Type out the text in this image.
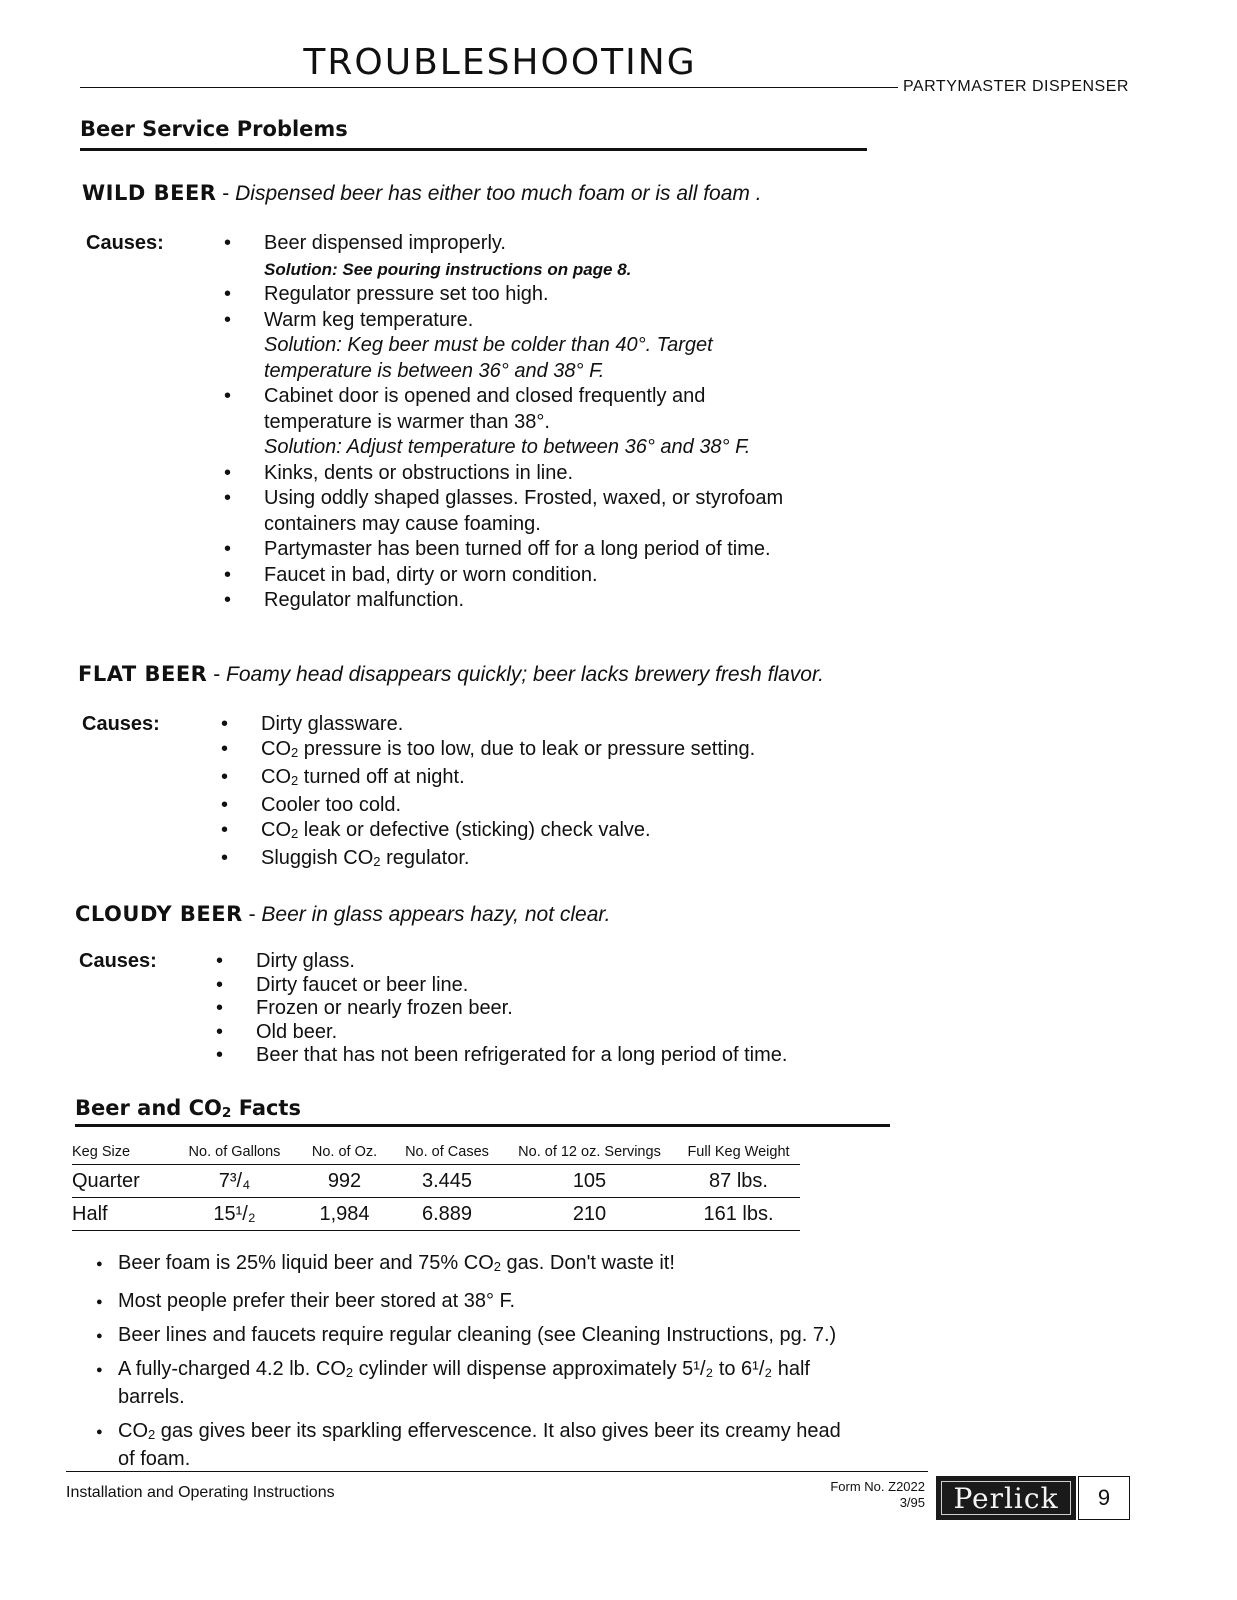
TROUBLESHOOTING
PARTYMASTER DISPENSER
Beer Service Problems
WILD BEER - Dispensed beer has either too much foam or is all foam .
Causes:	• Beer dispensed improperly.
Solution: See pouring instructions on page 8.
• Regulator pressure set too high.
• Warm keg temperature.

Solution: Keg beer must be colder than 40°. Target temperature is between 36° and 38° F.
• Cabinet door is opened and closed frequently and temperature is warmer than 38°.
Solution: Adjust temperature to between 36° and 38° F.
• Kinks, dents or obstructions in line.
• Using oddly shaped glasses. Frosted, waxed, or styrofoam containers may cause foaming.
• Partymaster has been turned off for a long period of time.
• Faucet in bad, dirty or worn condition.
• Regulator malfunction.
FLAT BEER - Foamy head disappears quickly; beer lacks brewery fresh flavor.
Causes:	• Dirty glassware.
• $CO_2$ pressure is too low, due to leak or pressure setting.
• $CO_2$ turned off at night.
• Cooler too cold.
• $CO_2$ leak or defective (sticking) check valve.
• Sluggish $CO_2$ regulator.
CLOUDY BEER - Beer in glass appears hazy, not clear.
Causes:	• Dirty glass.
• Dirty faucet or beer line.
• Frozen or nearly frozen beer.
• Old beer.
• Beer that has not been refrigerated for a long period of time.
Beer and $CO_2$ Facts
Keg Size	No. of Gallons	No. of Oz.	No. of Cases	No. of 12 oz. Servings	Full Keg Weight
Quarter	7³/₄	992	3.445	105	87 lbs.
Half	15¹/₂	1,984	6.889	210	161 lbs.
● Beer foam is 25% liquid beer and 75% $CO_2$ gas. Don't waste it!
● Most people prefer their beer stored at 38° F.
● Beer lines and faucets require regular cleaning (see Cleaning Instructions, pg. 7.)
● A fully-charged 4.2 lb. $CO_2$ cylinder will dispense approximately 5¹/₂ to 6¹/₂ half barrels.
● $CO_2$ gas gives beer its sparkling effervescence. It also gives beer its creamy head of foam.
Installation and Operating Instructions	Form No. Z2022
3/95	Perlick	9
